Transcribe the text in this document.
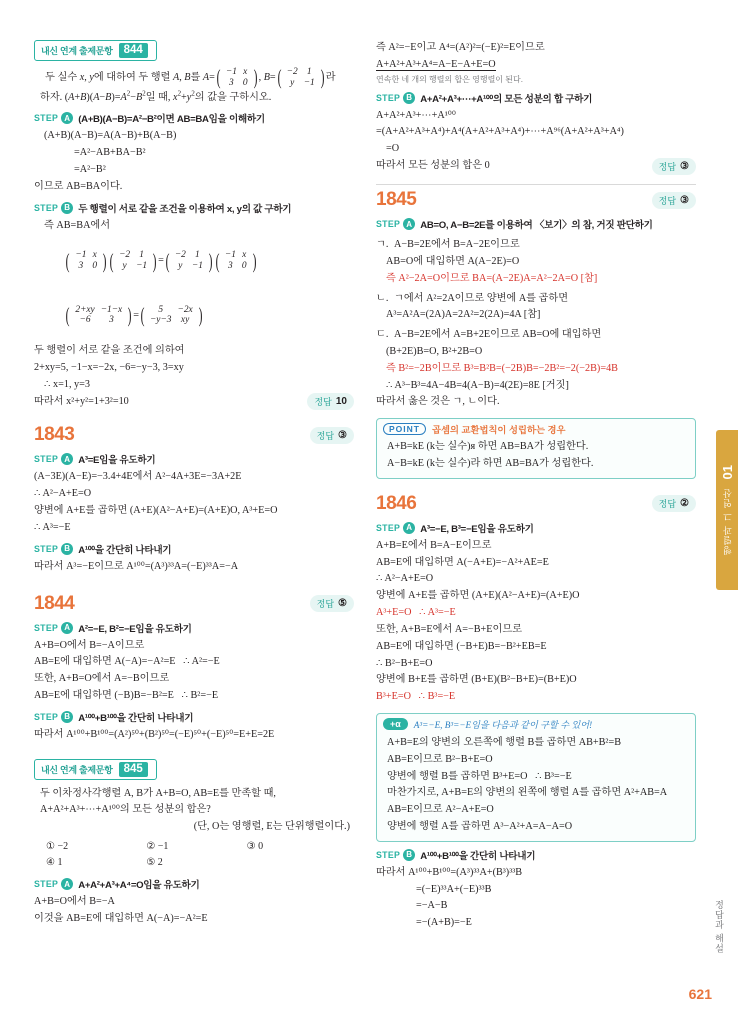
내신 연계 출제문항 844
두 실수 x, y에 대하여 두 행렬 A, B를 A= ( −1	x
3	0 ) , B= ( −2	1
y	−1 ) 라
하자. $(A+B)(A-B)=A^2-B^2$일 때, $x^2+y^2$의 값을 구하시오.
STEP A (A+B)(A−B)=A²−B²이면 AB=BA임을 이해하기
(A+B)(A−B)=A(A−B)+B(A−B)
=A²−AB+BA−B²
=A²−B²
이므로 AB=BA이다.
STEP B 두 행렬이 서로 같을 조건을 이용하여 x, y의 값 구하기
즉 AB=BA에서

( −1	x
3	0 ) ( −2	1
y	−1 ) = ( −2	1
y	−1 ) ( −1	x
3	0 )

( 2+xy	−1−x
−6	3 ) = ( 5	−2x
−y−3	xy )

두 행렬이 서로 같을 조건에 의하여
2+xy=5, −1−x=−2x, −6=−y−3, 3=xy
∴ x=1, y=3
따라서 x²+y²=1+3²=10	정답 10
1843	정답 ③
STEP A A³=E임을 유도하기
(A−3E)(A−E)=−3.4+4E에서 A²−4A+3E=−3A+2E
∴ A²−A+E=O
양변에 A+E를 곱하면 (A+E)(A²−A+E)=(A+E)O, A³+E=O
∴ A³=−E
STEP B A¹⁰⁰을 간단히 나타내기
따라서 A³=−E이므로 A¹⁰⁰=(A³)³³A=(−E)³³A=−A
1844	정답 ⑤
STEP A A²=−E, B²=−E임을 유도하기
A+B=O에서 B=−A이므로
AB=E에 대입하면 A(−A)=−A²=E   ∴ A²=−E
또한, A+B=O에서 A=−B이므로
AB=E에 대입하면 (−B)B=−B²=E   ∴ B²=−E
STEP B A¹⁰⁰+B¹⁰⁰을 간단히 나타내기
따라서 A¹⁰⁰+B¹⁰⁰=(A²)⁵⁰+(B²)⁵⁰=(−E)⁵⁰+(−E)⁵⁰=E+E=2E
내신 연계 출제문항 845
두 이차정사각행렬 A, B가 A+B=O, AB=E를 만족할 때,
A+A²+A³+⋯+A¹⁰⁰의 모든 성분의 합은?
(단, O는 영행렬, E는 단위행렬이다.)
① −2	② −1	③ 0
④ 1	⑤ 2
STEP A A+A²+A³+A⁴=O임을 유도하기
A+B=O에서 B=−A
이것을 AB=E에 대입하면 A(−A)=−A²=E
즉 A²=−E이고 A⁴=(A²)²=(−E)²=E이므로
A+A²+A³+A⁴=A−E−A+E=O
연속한 네 개의 행렬의 합은 영행렬이 된다.
STEP B A+A²+A³+⋯+A¹⁰⁰의 모든 성분의 합 구하기
A+A²+A³+⋯+A¹⁰⁰
=(A+A²+A³+A⁴)+A⁴(A+A²+A³+A⁴)+⋯+A⁹⁶(A+A²+A³+A⁴)
=O
따라서 모든 성분의 합은 0	정답 ③
1845	정답 ③
STEP A AB=O, A−B=2E를 이용하여 〈보기〉의 참, 거짓 판단하기
ㄱ. A−B=2E에서 B=A−2E이므로
AB=O에 대입하면 A(A−2E)=O
즉 A²−2A=O이므로 BA=(A−2E)A=A²−2A=O [참]
ㄴ. ㄱ에서 A²=2A이므로 양변에 A를 곱하면
A³=A²A=(2A)A=2A²=2(2A)=4A [참]
ㄷ. A−B=2E에서 A=B+2E이므로 AB=O에 대입하면
(B+2E)B=O, B²+2B=O
즉 B²=−2B이므로 B³=B²B=(−2B)B=−2B²=−2(−2B)=4B
∴ A³−B³=4A−4B=4(A−B)=4(2E)=8E [거짓]
따라서 옳은 것은 ㄱ, ㄴ이다.
POINT	곱셈의 교환법칙이 성립하는 경우
A+B=kE (k는 실수)я 하면 AB=BA가 성립한다.
A−B=kE (k는 실수)라 하면 AB=BA가 성립한다.
1846	정답 ②
STEP A A³=−E, B³=−E임을 유도하기
A+B=E에서 B=A−E이므로
AB=E에 대입하면 A(−A+E)=−A²+AE=E
∴ A²−A+E=O
양변에 A+E를 곱하면 (A+E)(A²−A+E)=(A+E)O
A³+E=O   ∴ A³=−E
또한, A+B=E에서 A=−B+E이므로
AB=E에 대입하면 (−B+E)B=−B²+EB=E
∴ B²−B+E=O
양변에 B+E를 곱하면 (B+E)(B²−B+E)=(B+E)O
B³+E=O   ∴ B³=−E
+α	A³=−E, B³=−E임을 다음과 같이 구할 수 있어!
A+B=E의 양변의 오른쪽에 행렬 B를 곱하면 AB+B²=B
AB=E이므로 B²−B+E=O
양변에 행렬 B를 곱하면 B³+E=O   ∴ B³=−E
마찬가지로, A+B=E의 양변의 왼쪽에 행렬 A를 곱하면 A²+AB=A
AB=E이므로 A²−A+E=O
양변에 행렬 A를 곱하면 A³−A²+A=A−A=O
STEP B A¹⁰⁰+B¹⁰⁰을 간단히 나타내기
따라서 A¹⁰⁰+B¹⁰⁰=(A³)³³A+(B³)³³B
=(−E)³³A+(−E)³³B
=−A−B
=−(A+B)=−E
01
행렬과 그 연산
정답과 해설
621
